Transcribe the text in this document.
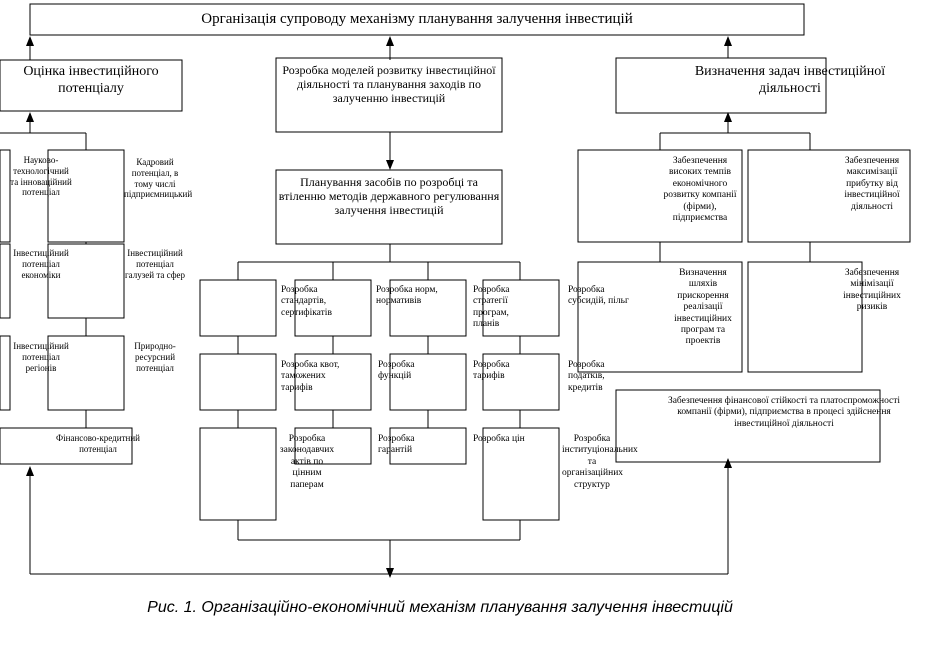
Організація супроводу механізму планування залучення інвестицій
Оцінка інвестиційного потенціалу
Науково-технологічний та інноваційний потенціал
Кадровий потенціал, в тому числі підприємницький
Інвестиційний потенціал економіки
Інвестиційний потенціал галузей та сфер
Інвестиційний потенціал регіонів
Природно-ресурсний потенціал
Фінансово-кредитний потенціал
Розробка моделей розвитку інвестиційної діяльності та планування заходів по залученню інвестицій
Планування засобів по розробці та втіленню методів державного регулювання залучення інвестицій
Розробка стандартів, сертифікатів
Розробка норм, нормативів
Розробка стратегії програм, планів
Розробка субсидій, пільг
Розробка квот, таможених тарифів
Розробка функцій
Розробка тарифів
Розробка податків, кредитів
Розробка законодавчих актів по цінним паперам
Розробка гарантій
Розробка цін	Розробка інституціональних та організаційних структур
Визначення задач інвестиційної діяльності
Забезпечення високих темпів економічного розвитку компанії (фірми), підприємства
Забезпечення максимізації прибутку від інвестиційної діяльності
Визначення шляхів прискорення реалізації інвестиційних програм та проектів
Забезпечення мінімізації інвестиційних ризиків
Забезпечення фінансової стійкості та платоспроможності компанії (фірми), підприємства в процесі здійснення інвестиційної діяльності
Рис. 1. Організаційно-економічний механізм планування залучення інвестицій
